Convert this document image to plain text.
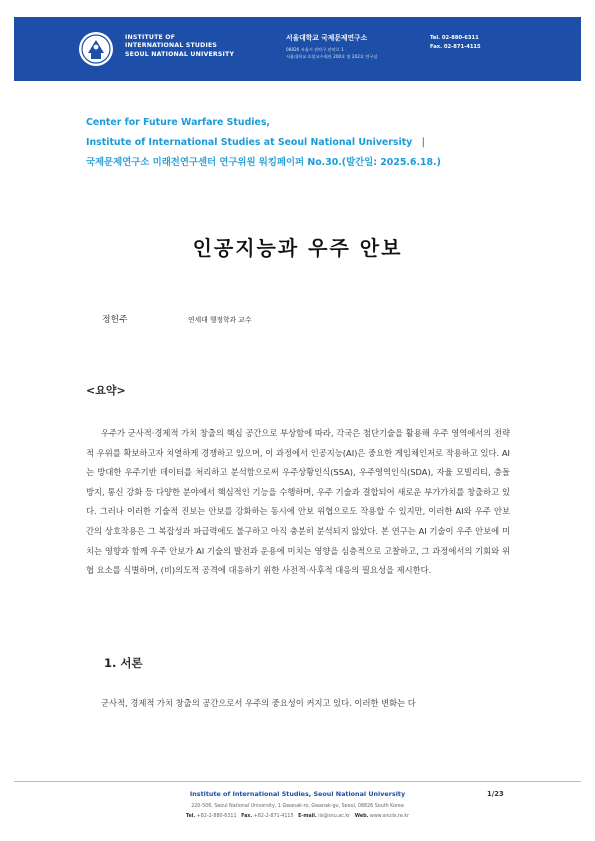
INSTITUTE OF
INTERNATIONAL STUDIES
SEOUL NATIONAL UNIVERSITY
서울대학교 국제문제연구소
08826 서울시 관악구 관악로 1
서울대학교 호암교수회관 200호 및 202호 연구실
Tel. 02-880-6311
Fax. 02-871-4115
Center for Future Warfare Studies,
Institute of International Studies at Seoul National University |
국제문제연구소 미래전연구센터 연구위원 워킹페이퍼 No.30.(발간일: 2025.6.18.)
인공지능과 우주 안보
정헌주	연세대 행정학과 교수
<요약>

우주가 군사적·경제적 가치 창출의 핵심 공간으로 부상함에 따라, 각국은 첨단기술을 활용해 우주 영역에서의 전략적 우위를 확보하고자 치열하게 경쟁하고 있으며, 이 과정에서 인공지능(AI)은 중요한 게임체인저로 작용하고 있다. AI는 방대한 우주기반 데이터를 처리하고 분석함으로써 우주상황인식(SSA), 우주영역인식(SDA), 자율 모빌리티, 충돌 방지, 통신 강화 등 다양한 분야에서 핵심적인 기능을 수행하며, 우주 기술과 결합되어 새로운 부가가치를 창출하고 있다. 그러나 이러한 기술적 진보는 안보를 강화하는 동시에 안보 위협으로도 작용할 수 있지만, 이러한 AI와 우주 안보 간의 상호작용은 그 복잡성과 파급력에도 불구하고 아직 충분히 분석되지 않았다. 본 연구는 AI 기술이 우주 안보에 미치는 영향과 함께 우주 안보가 AI 기술의 발전과 운용에 미치는 영향을 심층적으로 고찰하고, 그 과정에서의 기회와 위협 요소를 식별하며, (비)의도적 공격에 대응하기 위한 사전적·사후적 대응의 필요성을 제시한다.

1. 서론

군사적, 경제적 가치 창출의 공간으로서 우주의 중요성이 커지고 있다. 이러한 변화는 다

Institute of International Studies, Seoul National University	1/23
220-506, Seoul National University, 1 Gwanak-ro, Gwanak-gu, Seoul, 08826 South Korea
Tel. +82-2-880-6311 Fax. +82-2-871-4115 E-mail. iis@snu.ac.kr Web. www.snuiis.re.kr
